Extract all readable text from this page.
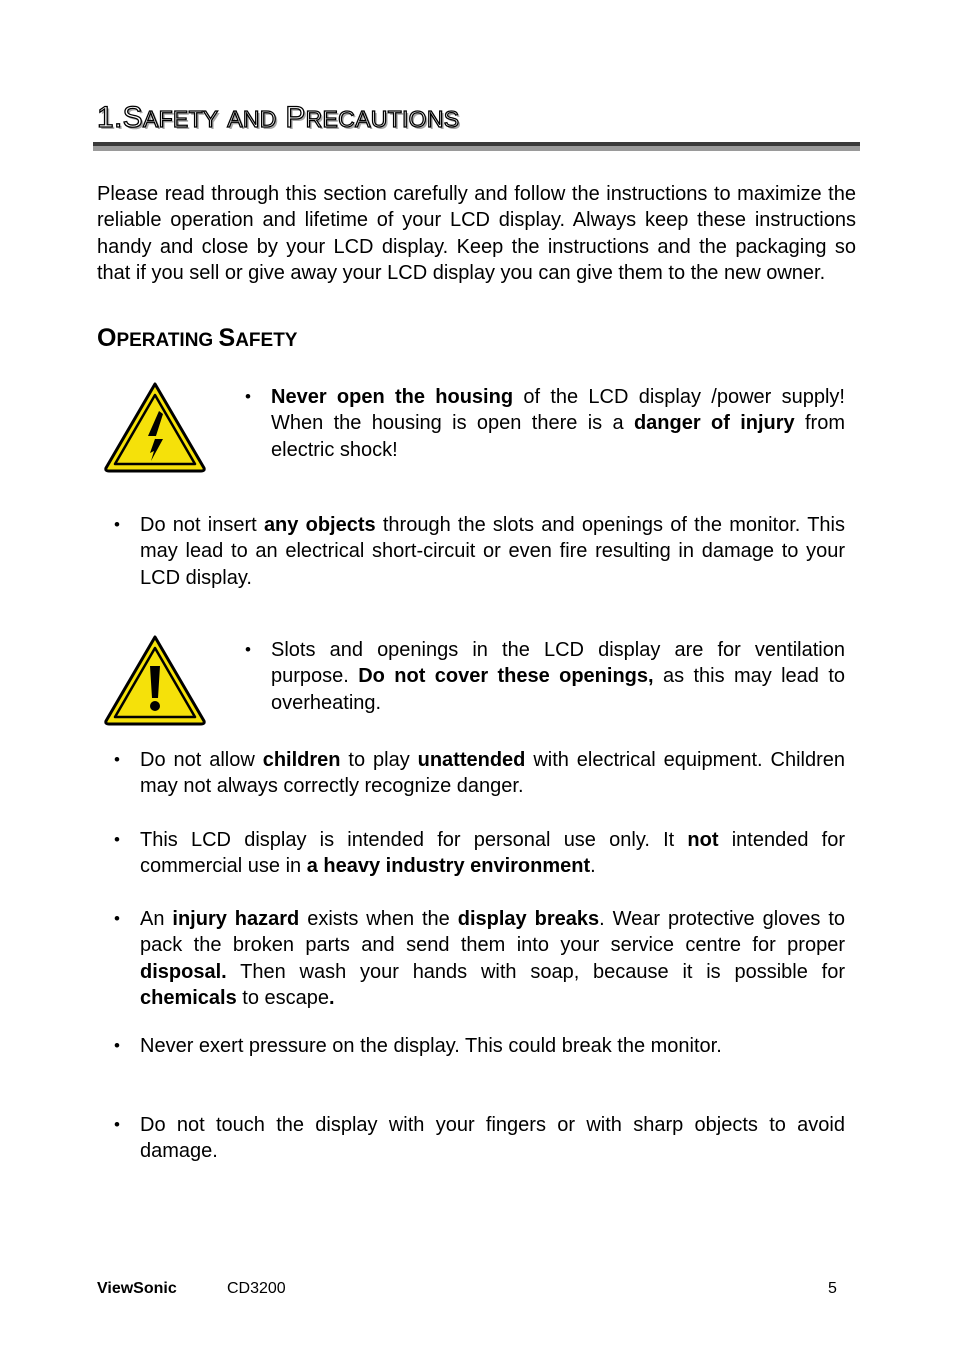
1.SAFETY AND PRECAUTIONS

Please read through this section carefully and follow the instructions to maximize the reliable operation and lifetime of your LCD display. Always keep these instructions handy and close by your LCD display. Keep the instructions and the packaging so that if you sell or give away your LCD display you can give them to the new owner.

OPERATING SAFETY
• Never open the housing of the LCD display /power supply! When the housing is open there is a danger of injury from electric shock!
• Do not insert any objects through the slots and openings of the monitor. This may lead to an electrical short-circuit or even fire resulting in damage to your LCD display.
• Slots and openings in the LCD display are for ventilation purpose. Do not cover these openings, as this may lead to overheating.
• Do not allow children to play unattended with electrical equipment. Children may not always correctly recognize danger.
• This LCD display is intended for personal use only. It not intended for commercial use in a heavy industry environment.
• An injury hazard exists when the display breaks. Wear protective gloves to pack the broken parts and send them into your service centre for proper disposal. Then wash your hands with soap, because it is possible for chemicals to escape.
• Never exert pressure on the display. This could break the monitor.
• Do not touch the display with your fingers or with sharp objects to avoid damage.
ViewSonic	CD3200	5
